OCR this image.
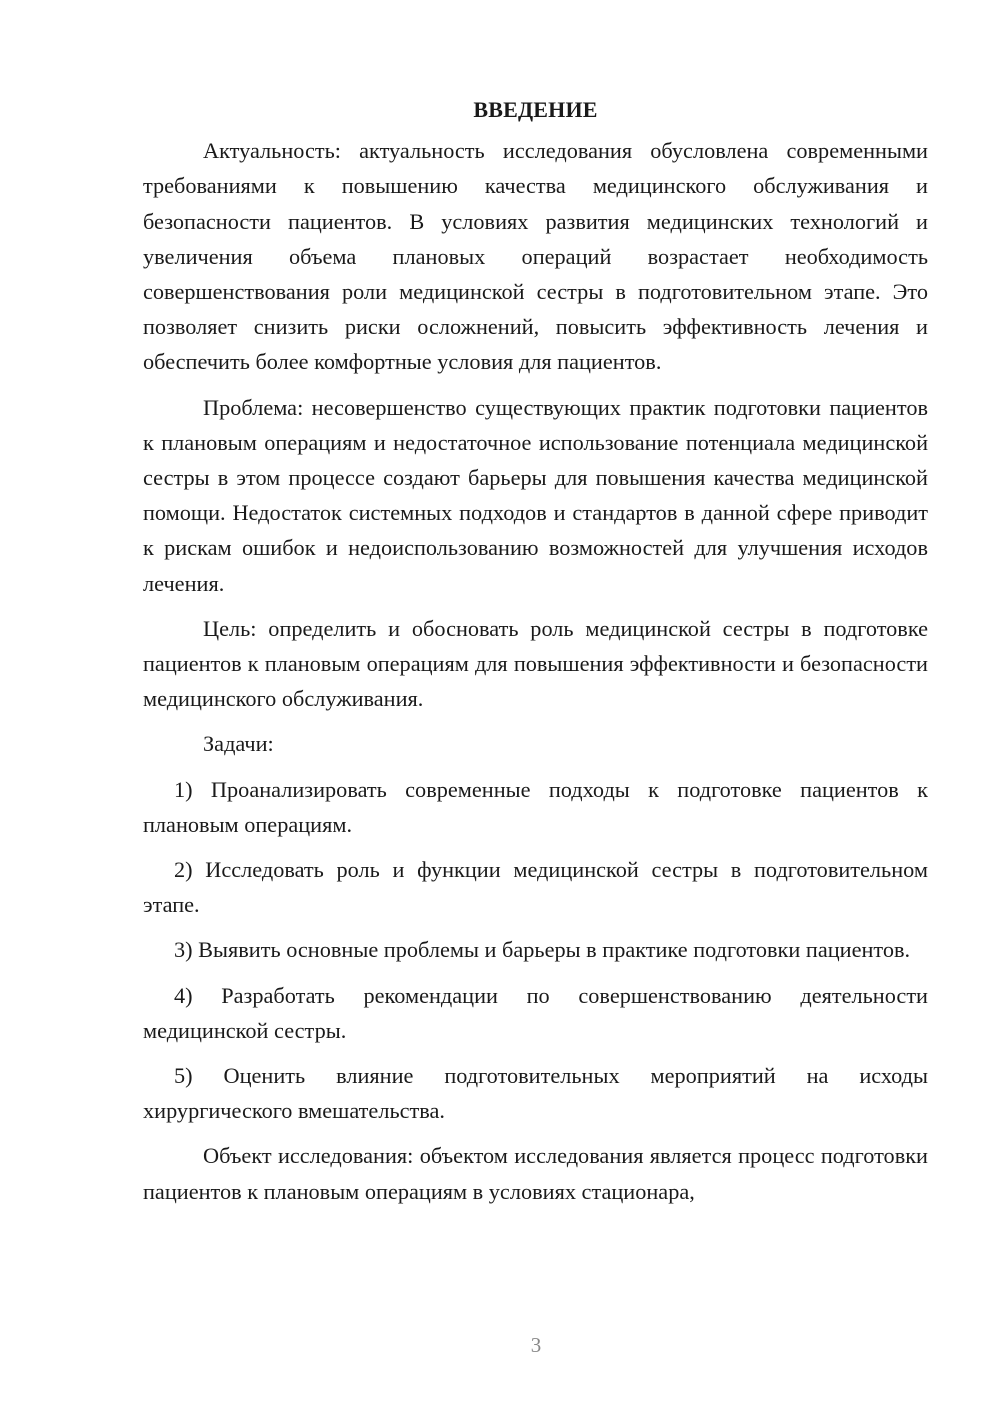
ВВЕДЕНИЕ

Актуальность: актуальность исследования обусловлена современными требованиями к повышению качества медицинского обслуживания и безопасности пациентов. В условиях развития медицинских технологий и увеличения объема плановых операций возрастает необходимость совершенствования роли медицинской сестры в подготовительном этапе. Это позволяет снизить риски осложнений, повысить эффективность лечения и обеспечить более комфортные условия для пациентов.

Проблема: несовершенство существующих практик подготовки пациентов к плановым операциям и недостаточное использование потенциала медицинской сестры в этом процессе создают барьеры для повышения качества медицинской помощи. Недостаток системных подходов и стандартов в данной сфере приводит к рискам ошибок и недоиспользованию возможностей для улучшения исходов лечения.

Цель: определить и обосновать роль медицинской сестры в подготовке пациентов к плановым операциям для повышения эффективности и безопасности медицинского обслуживания.

Задачи:

1) Проанализировать современные подходы к подготовке пациентов к плановым операциям.

2) Исследовать роль и функции медицинской сестры в подготовительном этапе.

3) Выявить основные проблемы и барьеры в практике подготовки пациентов.

4) Разработать рекомендации по совершенствованию деятельности медицинской сестры.

5) Оценить влияние подготовительных мероприятий на исходы хирургического вмешательства.

Объект исследования: объектом исследования является процесс подготовки пациентов к плановым операциям в условиях стационара,

3
